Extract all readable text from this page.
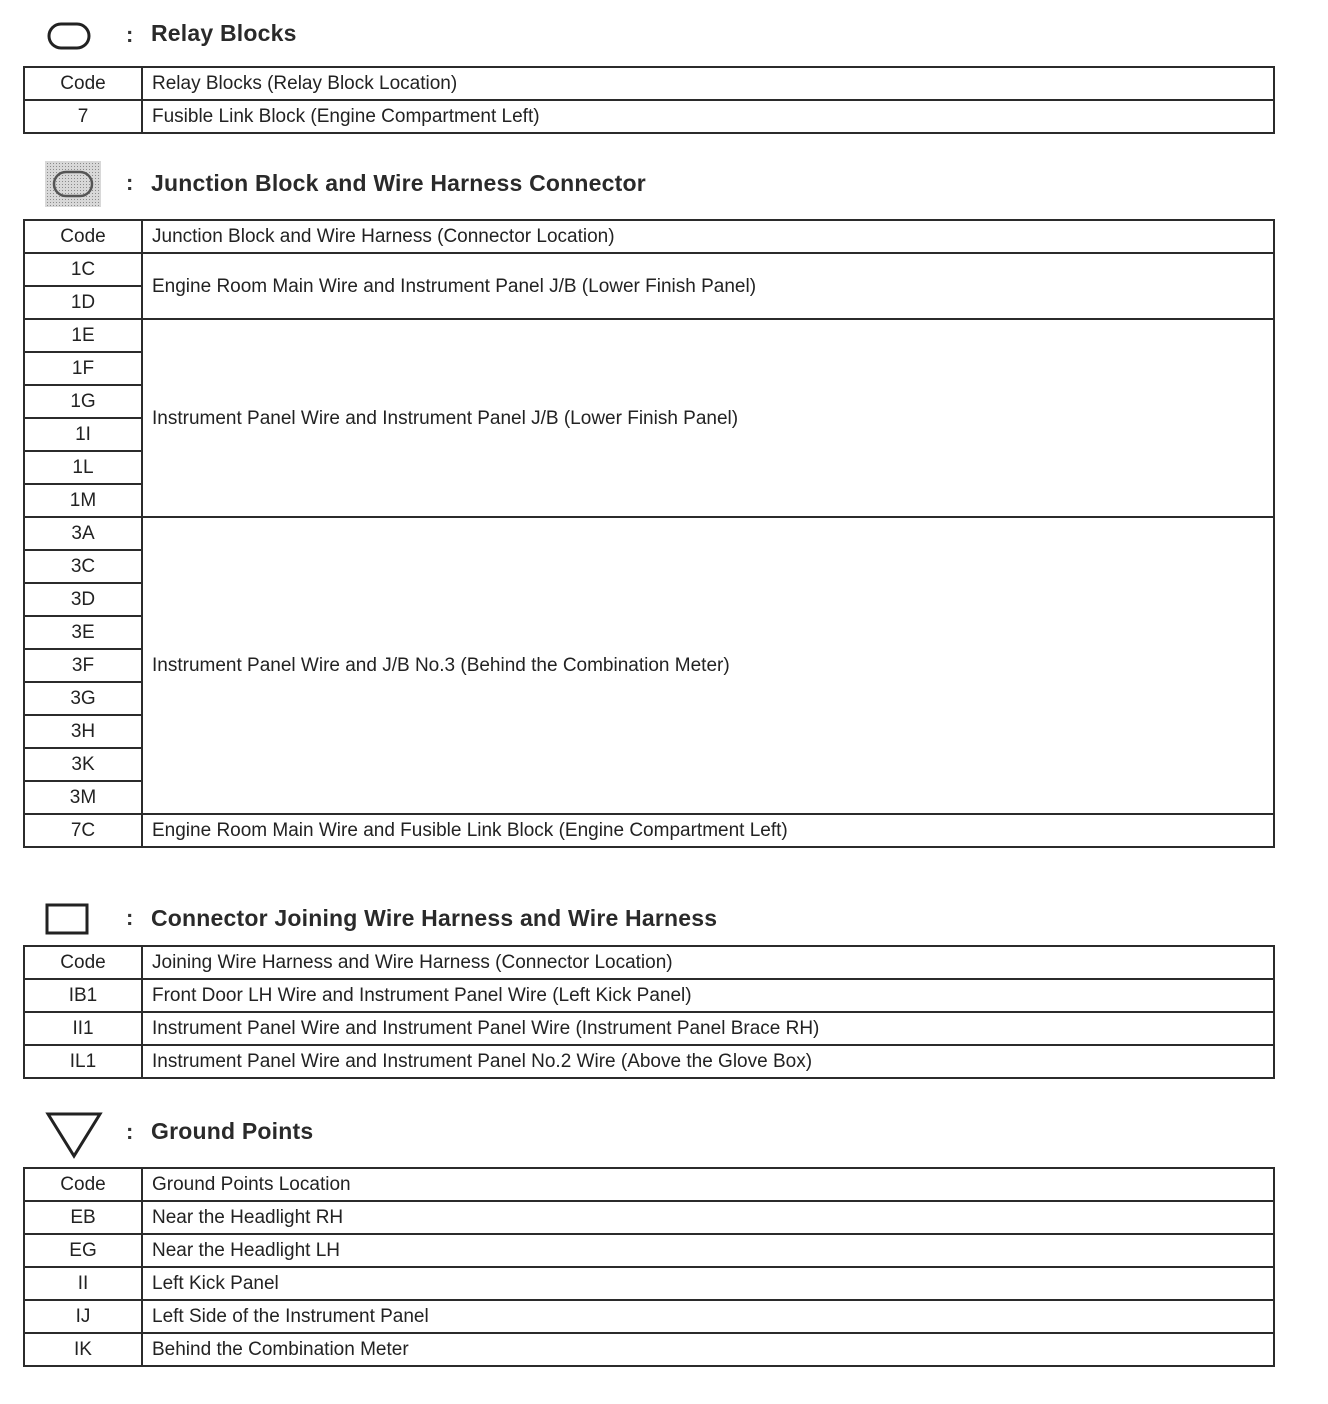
: Relay Blocks
Code	Relay Blocks (Relay Block Location)
7	Fusible Link Block (Engine Compartment Left)
: Junction Block and Wire Harness Connector
Code	Junction Block and Wire Harness (Connector Location)
1C	Engine Room Main Wire and Instrument Panel J/B (Lower Finish Panel)
1D	
1E	Instrument Panel Wire and Instrument Panel J/B (Lower Finish Panel)
1F	
1G	
1I	
1L	
1M	
3A	Instrument Panel Wire and J/B No.3 (Behind the Combination Meter)
3C	
3D	
3E	
3F	
3G	
3H	
3K	
3M	
7C	Engine Room Main Wire and Fusible Link Block (Engine Compartment Left)
: Connector Joining Wire Harness and Wire Harness
Code	Joining Wire Harness and Wire Harness (Connector Location)
IB1	Front Door LH Wire and Instrument Panel Wire (Left Kick Panel)
II1	Instrument Panel Wire and Instrument Panel Wire (Instrument Panel Brace RH)
IL1	Instrument Panel Wire and Instrument Panel No.2 Wire (Above the Glove Box)
: Ground Points
Code	Ground Points Location
EB	Near the Headlight RH
EG	Near the Headlight LH
II	Left Kick Panel
IJ	Left Side of the Instrument Panel
IK	Behind the Combination Meter
